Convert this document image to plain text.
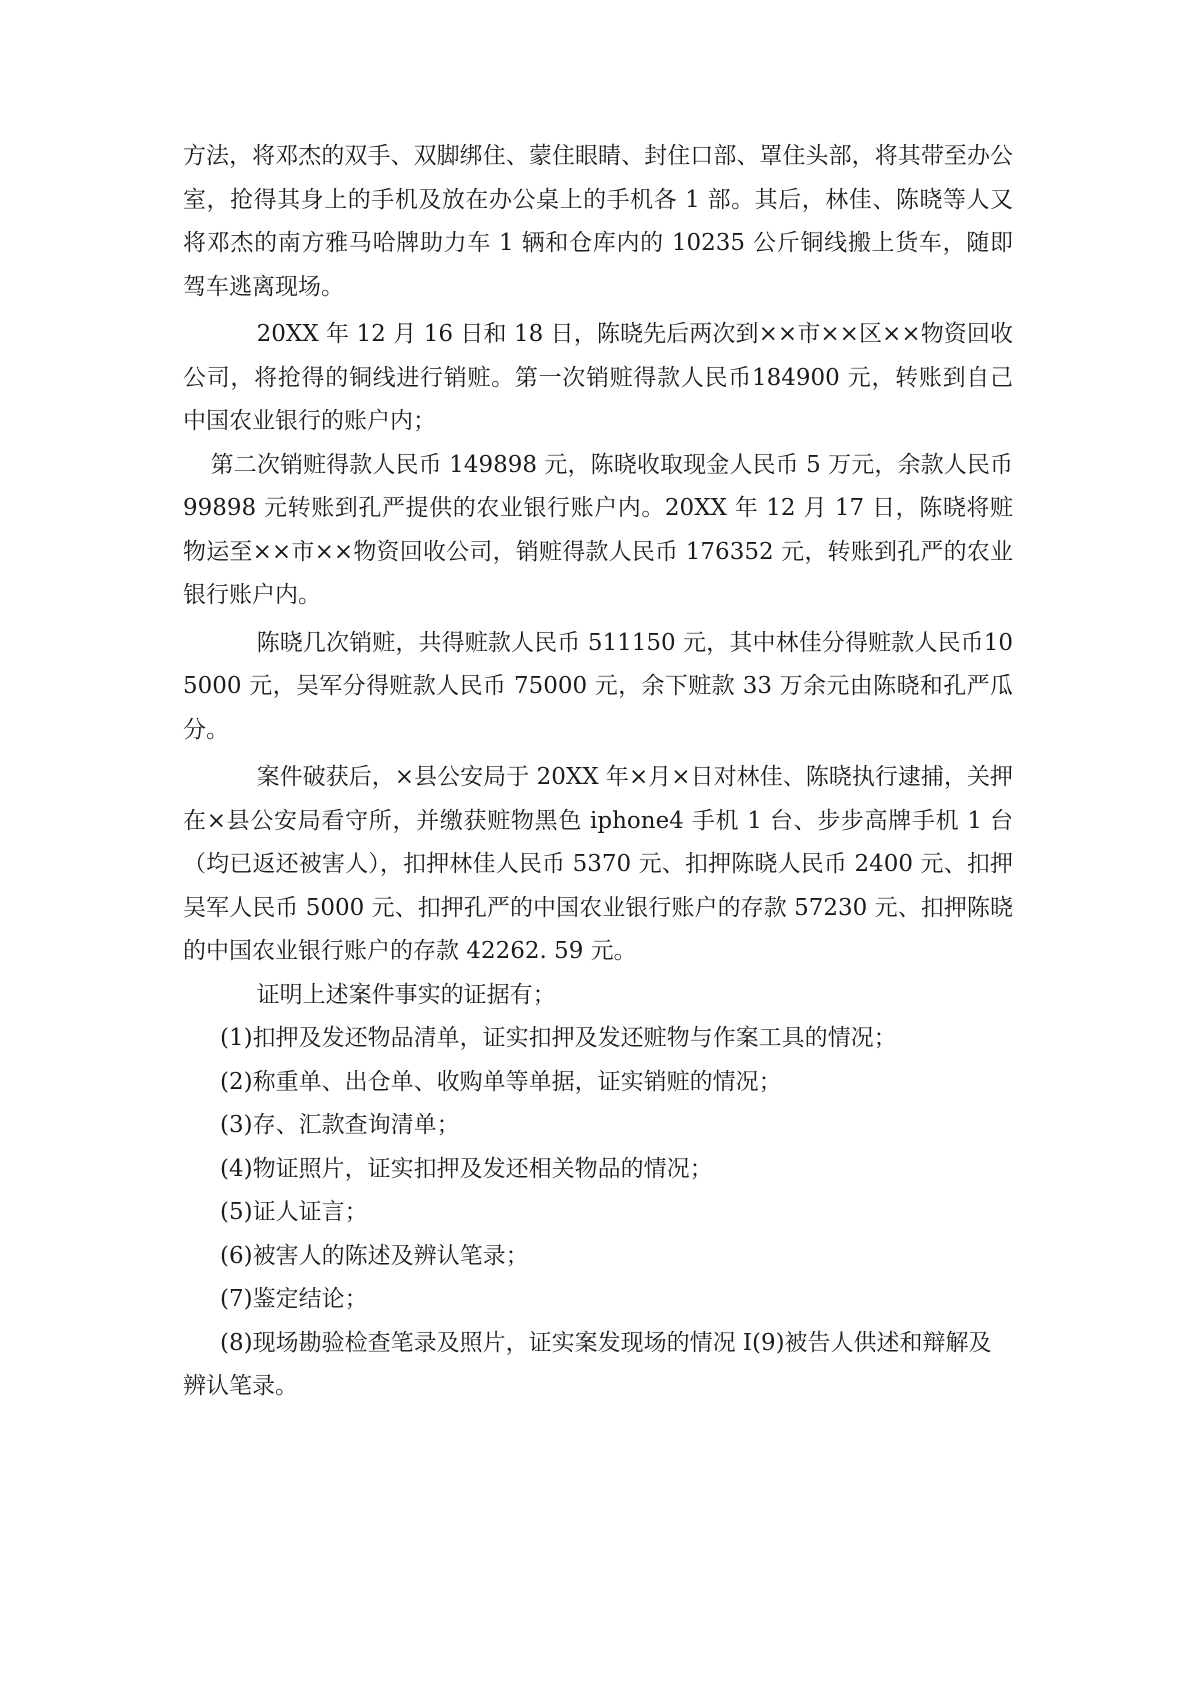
方法，将邓杰的双手、双脚绑住、蒙住眼睛、封住口部、罩住头部，将其带至办公室，抢得其身上的手机及放在办公桌上的手机各 1 部。其后，林佳、陈晓等人又将邓杰的南方雅马哈牌助力车 1 辆和仓库内的 10235 公斤铜线搬上货车，随即驾车逃离现场。

20XX 年 12 月 16 日和 18 日，陈晓先后两次到××市××区××物资回收公司，将抢得的铜线进行销赃。第一次销赃得款人民币184900 元，转账到自己中国农业银行的账户内；

第二次销赃得款人民币 149898 元，陈晓收取现金人民币 5 万元，余款人民币99898 元转账到孔严提供的农业银行账户内。20XX 年 12 月 17 日，陈晓将赃物运至××市××物资回收公司，销赃得款人民币 176352 元，转账到孔严的农业银行账户内。

陈晓几次销赃，共得赃款人民币 511150 元，其中林佳分得赃款人民币105000 元，吴军分得赃款人民币 75000 元，余下赃款 33 万余元由陈晓和孔严瓜分。

案件破获后，×县公安局于 20XX 年×月×日对林佳、陈晓执行逮捕，关押在×县公安局看守所，并缴获赃物黑色 iphone4 手机 1 台、步步高牌手机 1 台（均已返还被害人），扣押林佳人民币 5370 元、扣押陈晓人民币 2400 元、扣押吴军人民币 5000 元、扣押孔严的中国农业银行账户的存款 57230 元、扣押陈晓的中国农业银行账户的存款 42262. 59 元。

证明上述案件事实的证据有；

(1)扣押及发还物品清单，证实扣押及发还赃物与作案工具的情况；

(2)称重单、出仓单、收购单等单据，证实销赃的情况；

(3)存、汇款查询清单；

(4)物证照片，证实扣押及发还相关物品的情况；

(5)证人证言；

(6)被害人的陈述及辨认笔录；

(7)鉴定结论；

(8)现场勘验检查笔录及照片，证实案发现场的情况 I(9)被告人供述和辩解及辨认笔录。
